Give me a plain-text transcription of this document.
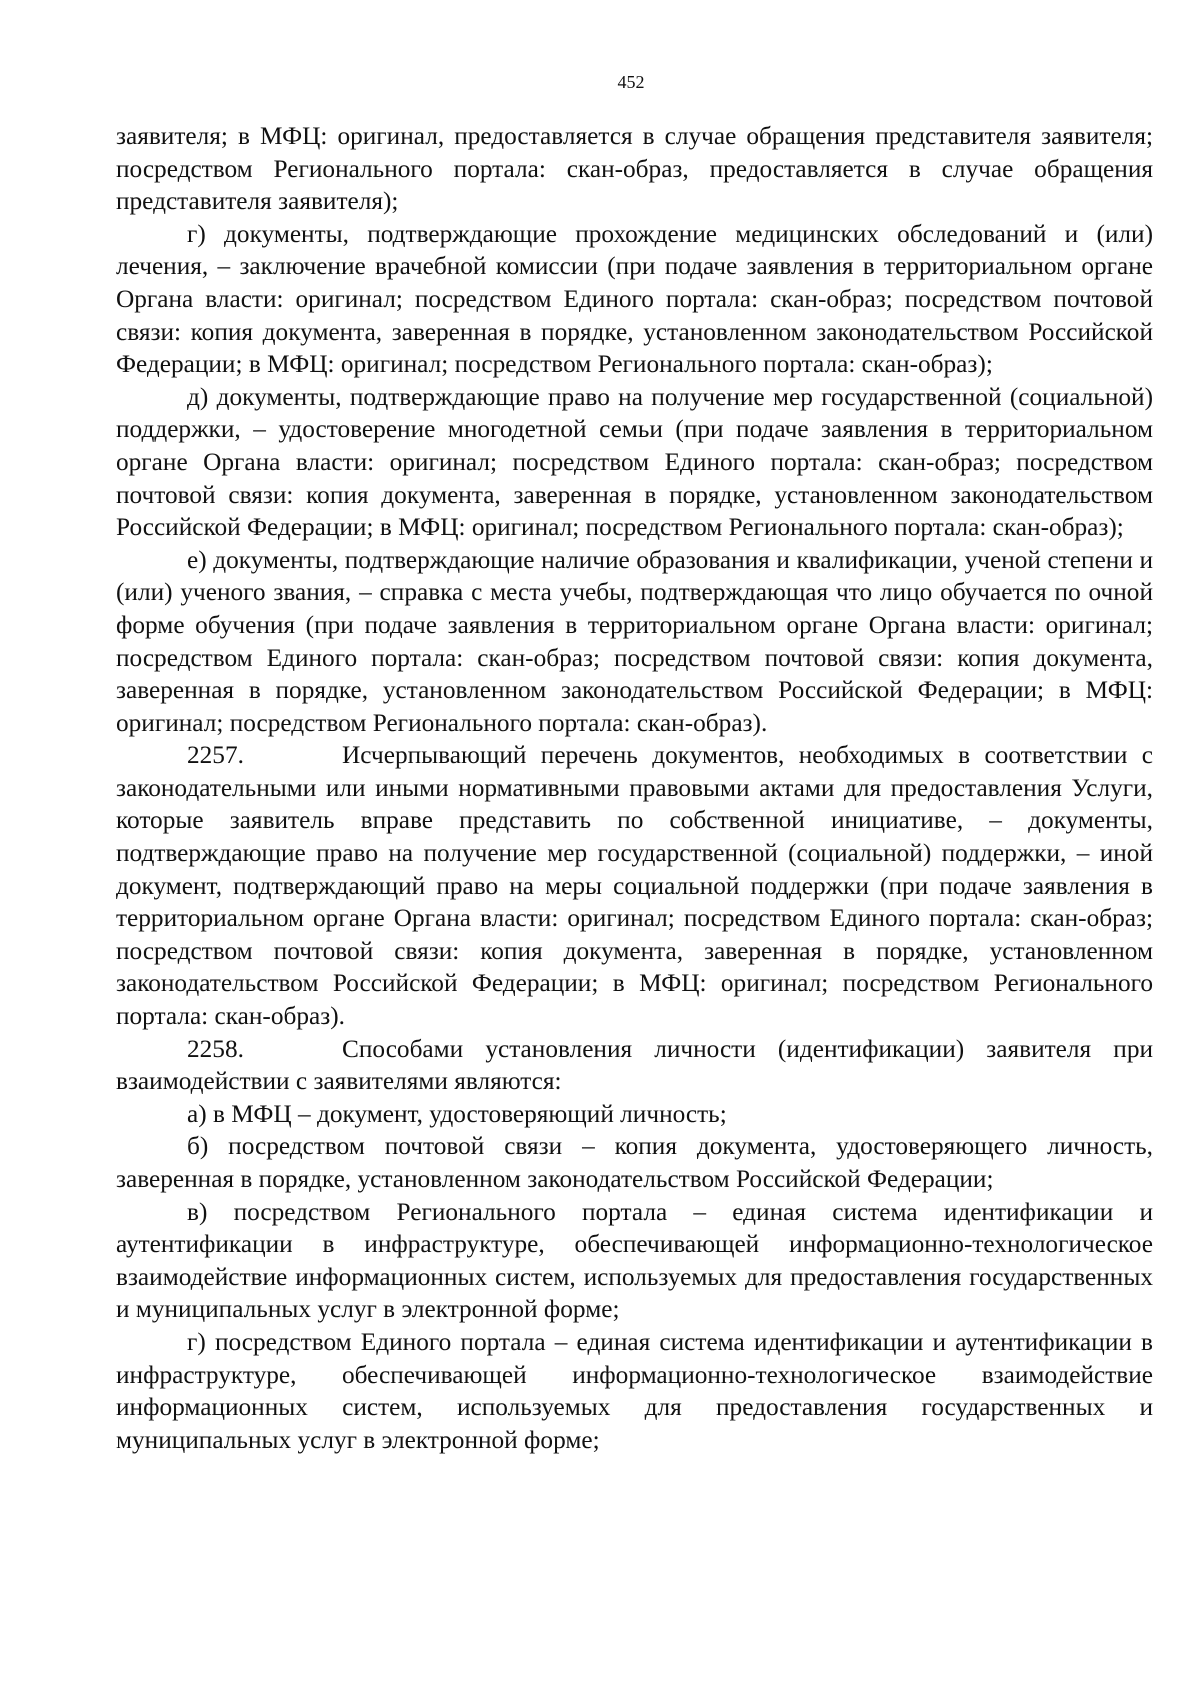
452

заявителя; в МФЦ: оригинал, предоставляется в случае обращения представителя заявителя; посредством Регионального портала: скан-образ, предоставляется в случае обращения представителя заявителя);

г) документы, подтверждающие прохождение медицинских обследований и (или) лечения, – заключение врачебной комиссии (при подаче заявления в территориальном органе Органа власти: оригинал; посредством Единого портала: скан-образ; посредством почтовой связи: копия документа, заверенная в порядке, установленном законодательством Российской Федерации; в МФЦ: оригинал; посредством Регионального портала: скан-образ);

д) документы, подтверждающие право на получение мер государственной (социальной) поддержки, – удостоверение многодетной семьи (при подаче заявления в территориальном органе Органа власти: оригинал; посредством Единого портала: скан-образ; посредством почтовой связи: копия документа, заверенная в порядке, установленном законодательством Российской Федерации; в МФЦ: оригинал; посредством Регионального портала: скан-образ);

е) документы, подтверждающие наличие образования и квалификации, ученой степени и (или) ученого звания, – справка с места учебы, подтверждающая что лицо обучается по очной форме обучения (при подаче заявления в территориальном органе Органа власти: оригинал; посредством Единого портала: скан-образ; посредством почтовой связи: копия документа, заверенная в порядке, установленном законодательством Российской Федерации; в МФЦ: оригинал; посредством Регионального портала: скан-образ).

2257.	Исчерпывающий перечень документов, необходимых в соответствии с законодательными или иными нормативными правовыми актами для предоставления Услуги, которые заявитель вправе представить по собственной инициативе, – документы, подтверждающие право на получение мер государственной (социальной) поддержки, – иной документ, подтверждающий право на меры социальной поддержки (при подаче заявления в территориальном органе Органа власти: оригинал; посредством Единого портала: скан-образ; посредством почтовой связи: копия документа, заверенная в порядке, установленном законодательством Российской Федерации; в МФЦ: оригинал; посредством Регионального портала: скан-образ).

2258.	Способами установления личности (идентификации) заявителя при взаимодействии с заявителями являются:

а) в МФЦ – документ, удостоверяющий личность;

б) посредством почтовой связи – копия документа, удостоверяющего личность, заверенная в порядке, установленном законодательством Российской Федерации;

в) посредством Регионального портала – единая система идентификации и аутентификации в инфраструктуре, обеспечивающей информационно-технологическое взаимодействие информационных систем, используемых для предоставления государственных и муниципальных услуг в электронной форме;

г) посредством Единого портала – единая система идентификации и аутентификации в инфраструктуре, обеспечивающей информационно-технологическое взаимодействие информационных систем, используемых для предоставления государственных и муниципальных услуг в электронной форме;
